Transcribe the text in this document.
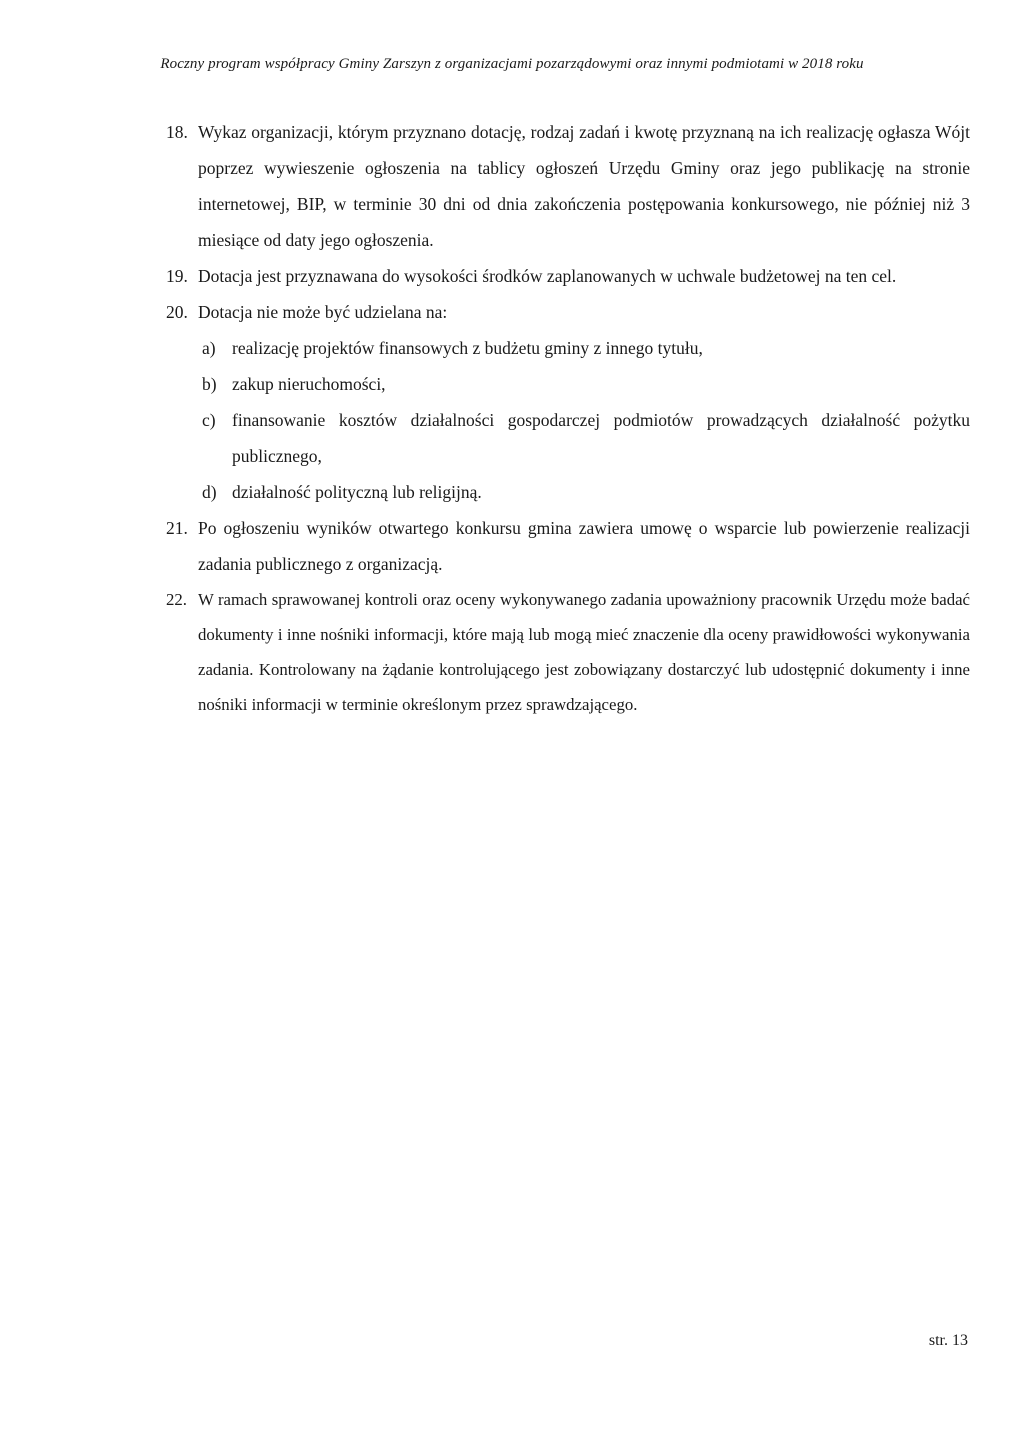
Roczny program współpracy Gminy Zarszyn z organizacjami pozarządowymi oraz innymi podmiotami w 2018 roku

18. Wykaz organizacji, którym przyznano dotację, rodzaj zadań i kwotę przyznaną na ich realizację ogłasza Wójt poprzez wywieszenie ogłoszenia na tablicy ogłoszeń Urzędu Gminy oraz jego publikację na stronie internetowej, BIP, w terminie 30 dni od dnia zakończenia postępowania konkursowego, nie później niż 3 miesiące od daty jego ogłoszenia.

19. Dotacja jest przyznawana do wysokości środków zaplanowanych w uchwale budżetowej na ten cel.

20. Dotacja nie może być udzielana na:

a) realizację projektów finansowych z budżetu gminy z innego tytułu,

b) zakup nieruchomości,

c) finansowanie kosztów działalności gospodarczej podmiotów prowadzących działalność pożytku publicznego,

d) działalność polityczną lub religijną.

21. Po ogłoszeniu wyników otwartego konkursu gmina zawiera umowę o wsparcie lub powierzenie realizacji zadania publicznego z organizacją.

22. W ramach sprawowanej kontroli oraz oceny wykonywanego zadania upoważniony pracownik Urzędu może badać dokumenty i inne nośniki informacji, które mają lub mogą mieć znaczenie dla oceny prawidłowości wykonywania zadania. Kontrolowany na żądanie kontrolującego jest zobowiązany dostarczyć lub udostępnić dokumenty i inne nośniki informacji w terminie określonym przez sprawdzającego.

str. 13
